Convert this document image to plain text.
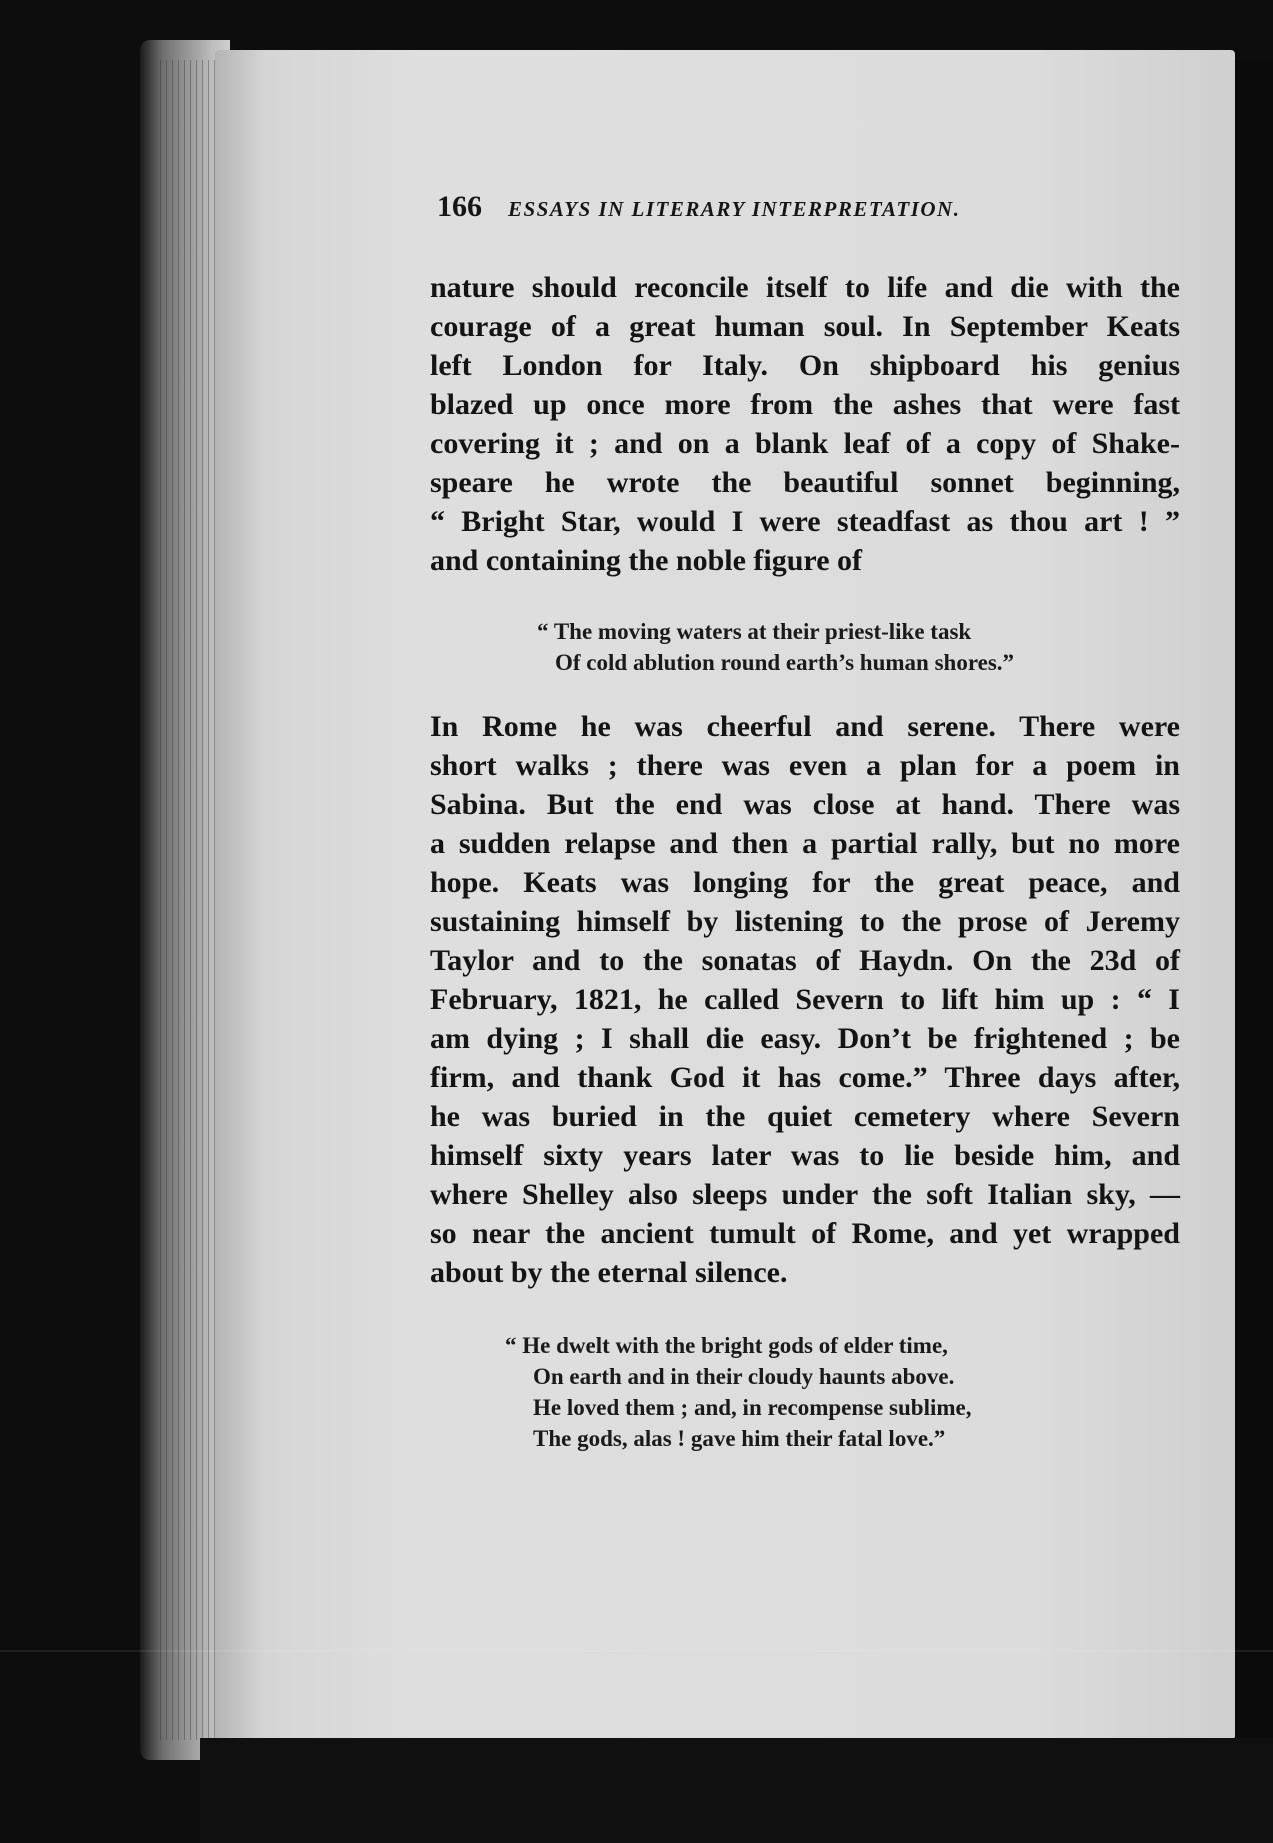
166 ESSAYS IN LITERARY INTERPRETATION.
nature should reconcile itself to life and die with the
courage of a great human soul. In September Keats
left London for Italy. On shipboard his genius
blazed up once more from the ashes that were fast
covering it ; and on a blank leaf of a copy of Shake-
speare he wrote the beautiful sonnet beginning,
“ Bright Star, would I were steadfast as thou art ! ”
and containing the noble figure of
“ The moving waters at their priest-like task
Of cold ablution round earth’s human shores.”
In Rome he was cheerful and serene. There were
short walks ; there was even a plan for a poem in
Sabina. But the end was close at hand. There was
a sudden relapse and then a partial rally, but no more
hope. Keats was longing for the great peace, and
sustaining himself by listening to the prose of Jeremy
Taylor and to the sonatas of Haydn. On the 23d of
February, 1821, he called Severn to lift him up : “ I
am dying ; I shall die easy. Don’t be frightened ; be
firm, and thank God it has come.” Three days after,
he was buried in the quiet cemetery where Severn
himself sixty years later was to lie beside him, and
where Shelley also sleeps under the soft Italian sky, —
so near the ancient tumult of Rome, and yet wrapped
about by the eternal silence.
“ He dwelt with the bright gods of elder time,
On earth and in their cloudy haunts above.
He loved them ; and, in recompense sublime,
The gods, alas ! gave him their fatal love.”
